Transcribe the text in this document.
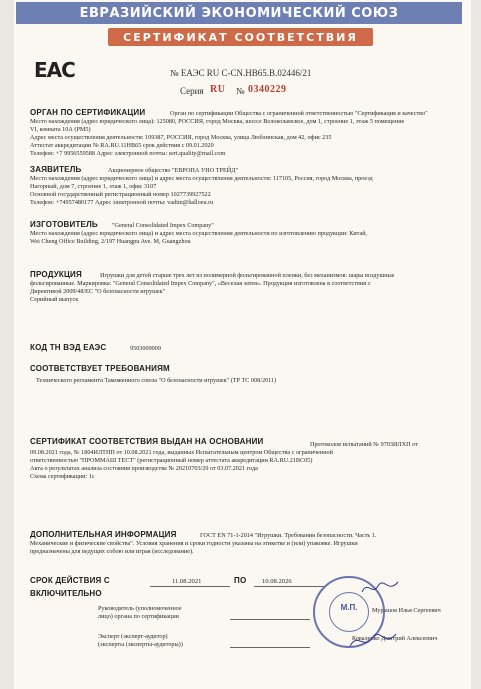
ЕВРАЗИЙСКИЙ ЭКОНОМИЧЕСКИЙ СОЮЗ
СЕРТИФИКАТ СООТВЕТСТВИЯ
EAC	№ ЕАЭС RU C-CN.НВ65.В.02446/21
Серия RU № 0340229
ОРГАН ПО СЕРТИФИКАЦИИ	Орган по сертификации Общества с ограниченной ответственностью "Сертификация и качество"
Место нахождения (адрес юридического лица): 125080, РОССИЯ, город Москва, шоссе Волоколамское, дом 1, строение 1, этаж 5 помещение
VI, комната 10А (РМ5)
Адрес места осуществления деятельности: 109387, РОССИЯ, город Москва, улица Люблинская, дом 42, офис 235
Аттестат аккредитации № RA.RU.11НВ65 срок действия с 09.01.2020
Телефон: +7 9956559588 Адрес электронной почты: sert.quality@mail.com
ЗАЯВИТЕЛЬ	Акционерное общество "ЕВРОПА УНО ТРЕЙД"
Место нахождения (адрес юридического лица) и адрес места осуществления деятельности: 117105, Россия, город Москва, проезд
Нагорный, дом 7, строение 1, этаж 1, офис 3107
Основной государственный регистрационный номер 1027739927522
Телефон: +74957480177 Адрес электронной почты: vadim@halloeu.ru
ИЗГОТОВИТЕЛЬ "General Consolidated Impex Company"
Место нахождения (адрес юридического лица) и адрес места осуществления деятельности по изготовлению продукции: Китай,
Wei Cheng Office Building, 2/197 Huangpu Ave. M, Guangzhou
ПРОДУКЦИЯ	Игрушки для детей старше трех лет из полимерной фольгированной пленки, без механизмов: шары воздушные
фольгированные. Маркировка: "General Consolidated Impex Company", «Веселая затея». Продукция изготовлена в соответствии с
Директивой 2009/48/ЕС "О безопасности игрушек"
Серийный выпуск
КОД ТН ВЭД ЕАЭС	9503009909
СООТВЕТСТВУЕТ ТРЕБОВАНИЯМ
Технического регламента Таможенного союза "О безопасности игрушек" (ТР ТС 008/2011)
СЕРТИФИКАТ СООТВЕТСТВИЯ ВЫДАН НА ОСНОВАНИИ	Протоколов испытаний № 9703ИЛХП от
09.08.2021 года, № 1804ИЛТНП от 10.08.2021 года, выданных Испытательным центром Общества с ограниченной
ответственностью "ПРОММАШ ТЕСТ" (регистрационный номер аттестата аккредитации RA.RU.21ВС05)
Акта о результатах анализа состояния производства № 20210703/29 от 03.07.2021 года
Схема сертификации: 1с
ДОПОЛНИТЕЛЬНАЯ ИНФОРМАЦИЯ	ГОСТ EN 71-1-2014 "Игрушки. Требования безопасности. Часть 1.
Механические и физические свойства". Условия хранения и сроки годности указаны на этикетке и (или) упаковке. Игрушки
предназначены для ведущих собою или играя (исследование).
СРОК ДЕЙСТВИЯ С	11.08.2021	ПО 10.08.2026
ВКЛЮЧИТЕЛЬНО
Руководитель (уполномоченное
лицо) органа по сертификации
Мурашов Илья Сергеевич
Эксперт (эксперт-аудитор)
(эксперты (эксперты-аудиторы))
Коваленко Дмитрий Алексеевич
М.П.
